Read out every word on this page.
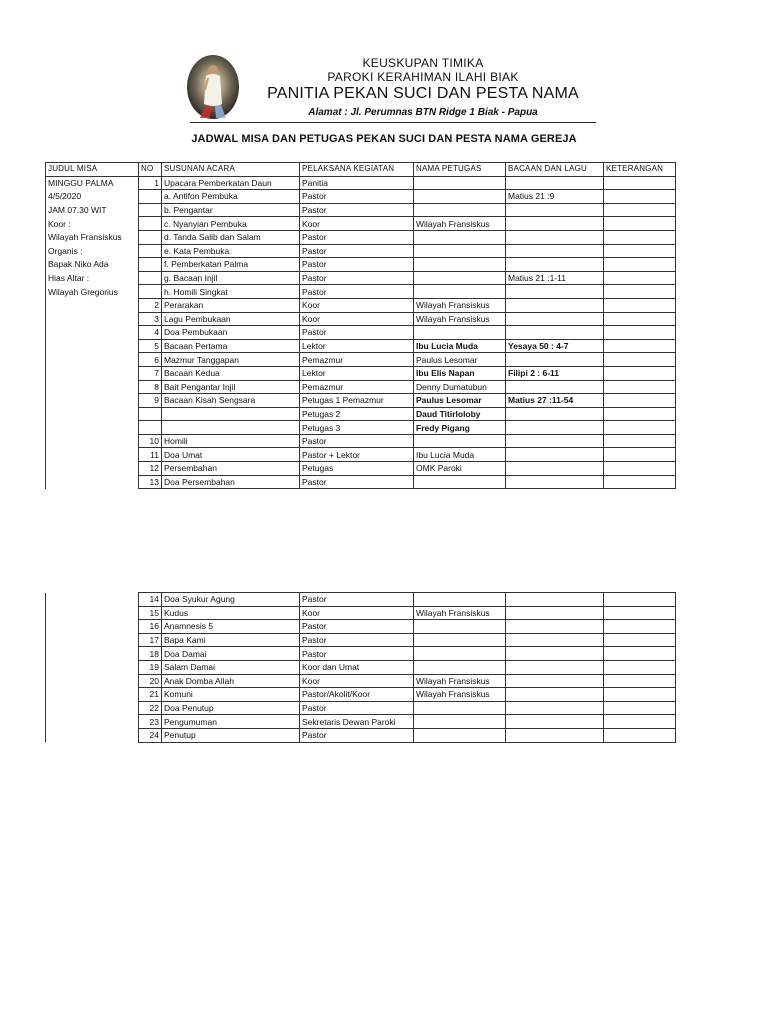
KEUSKUPAN TIMIKA
PAROKI KERAHIMAN ILAHI BIAK
PANITIA PEKAN SUCI DAN PESTA NAMA
Alamat : Jl. Perumnas BTN Ridge 1 Biak - Papua
JADWAL MISA DAN PETUGAS PEKAN SUCI DAN PESTA NAMA GEREJA
JUDUL MISA	NO	SUSUNAN ACARA	PELAKSANA KEGIATAN	NAMA PETUGAS	BACAAN DAN LAGU	KETERANGAN
MINGGU PALMA	1	Upacara Pemberkatan Daun	Panitia			
4/5/2020		a. Antifon Pembuka	Pastor		Matius 21 :9	
JAM 07.30 WIT		b. Pengantar	Pastor			
Koor :		c. Nyanyian Pembuka	Koor	Wilayah Fransiskus		
Wilayah Fransiskus		d. Tanda Salib dan Salam	Pastor			
Organis :		e. Kata Pembuka	Pastor			
Bapak Niko Ada		f. Pemberkatan Palma	Pastor			
Hias Altar :		g. Bacaan Injil	Pastor		Matius 21 :1-11	
Wilayah Gregorius		h. Homili Singkat	Pastor			
	2	Perarakan	Koor	Wilayah Fransiskus		
	3	Lagu Pembukaan	Koor	Wilayah Fransiskus		
	4	Doa Pembukaan	Pastor			
	5	Bacaan Pertama	Lektor	Ibu Lucia Muda	Yesaya 50 : 4-7	
	6	Mazmur Tanggapan	Pemazmur	Paulus Lesomar		
	7	Bacaan Kedua	Lektor	Ibu Elis Napan	Filipi 2 : 6-11	
	8	Bait Pengantar Injil	Pemazmur	Denny Dumatubun		
	9	Bacaan Kisah Sengsara	Petugas 1 Pemazmur	Paulus Lesomar	Matius 27 :11-54	
			Petugas 2	Daud Titirloloby		
			Petugas 3	Fredy Pigang		
	10	Homili	Pastor			
	11	Doa Umat	Pastor + Lektor	Ibu Lucia Muda		
	12	Persembahan	Petugas	OMK Paroki		
	13	Doa Persembahan	Pastor			
	14	Doa Syukur Agung	Pastor			
	15	Kudus	Koor	Wilayah Fransiskus		
	16	Anamnesis 5	Pastor			
	17	Bapa Kami	Pastor			
	18	Doa Damai	Pastor			
	19	Salam Damai	Koor dan Umat			
	20	Anak Domba Allah	Koor	Wilayah Fransiskus		
	21	Komuni	Pastor/Akolit/Koor	Wilayah Fransiskus		
	22	Doa Penutup	Pastor			
	23	Pengumuman	Sekretaris Dewan Paroki			
	24	Penutup	Pastor			
